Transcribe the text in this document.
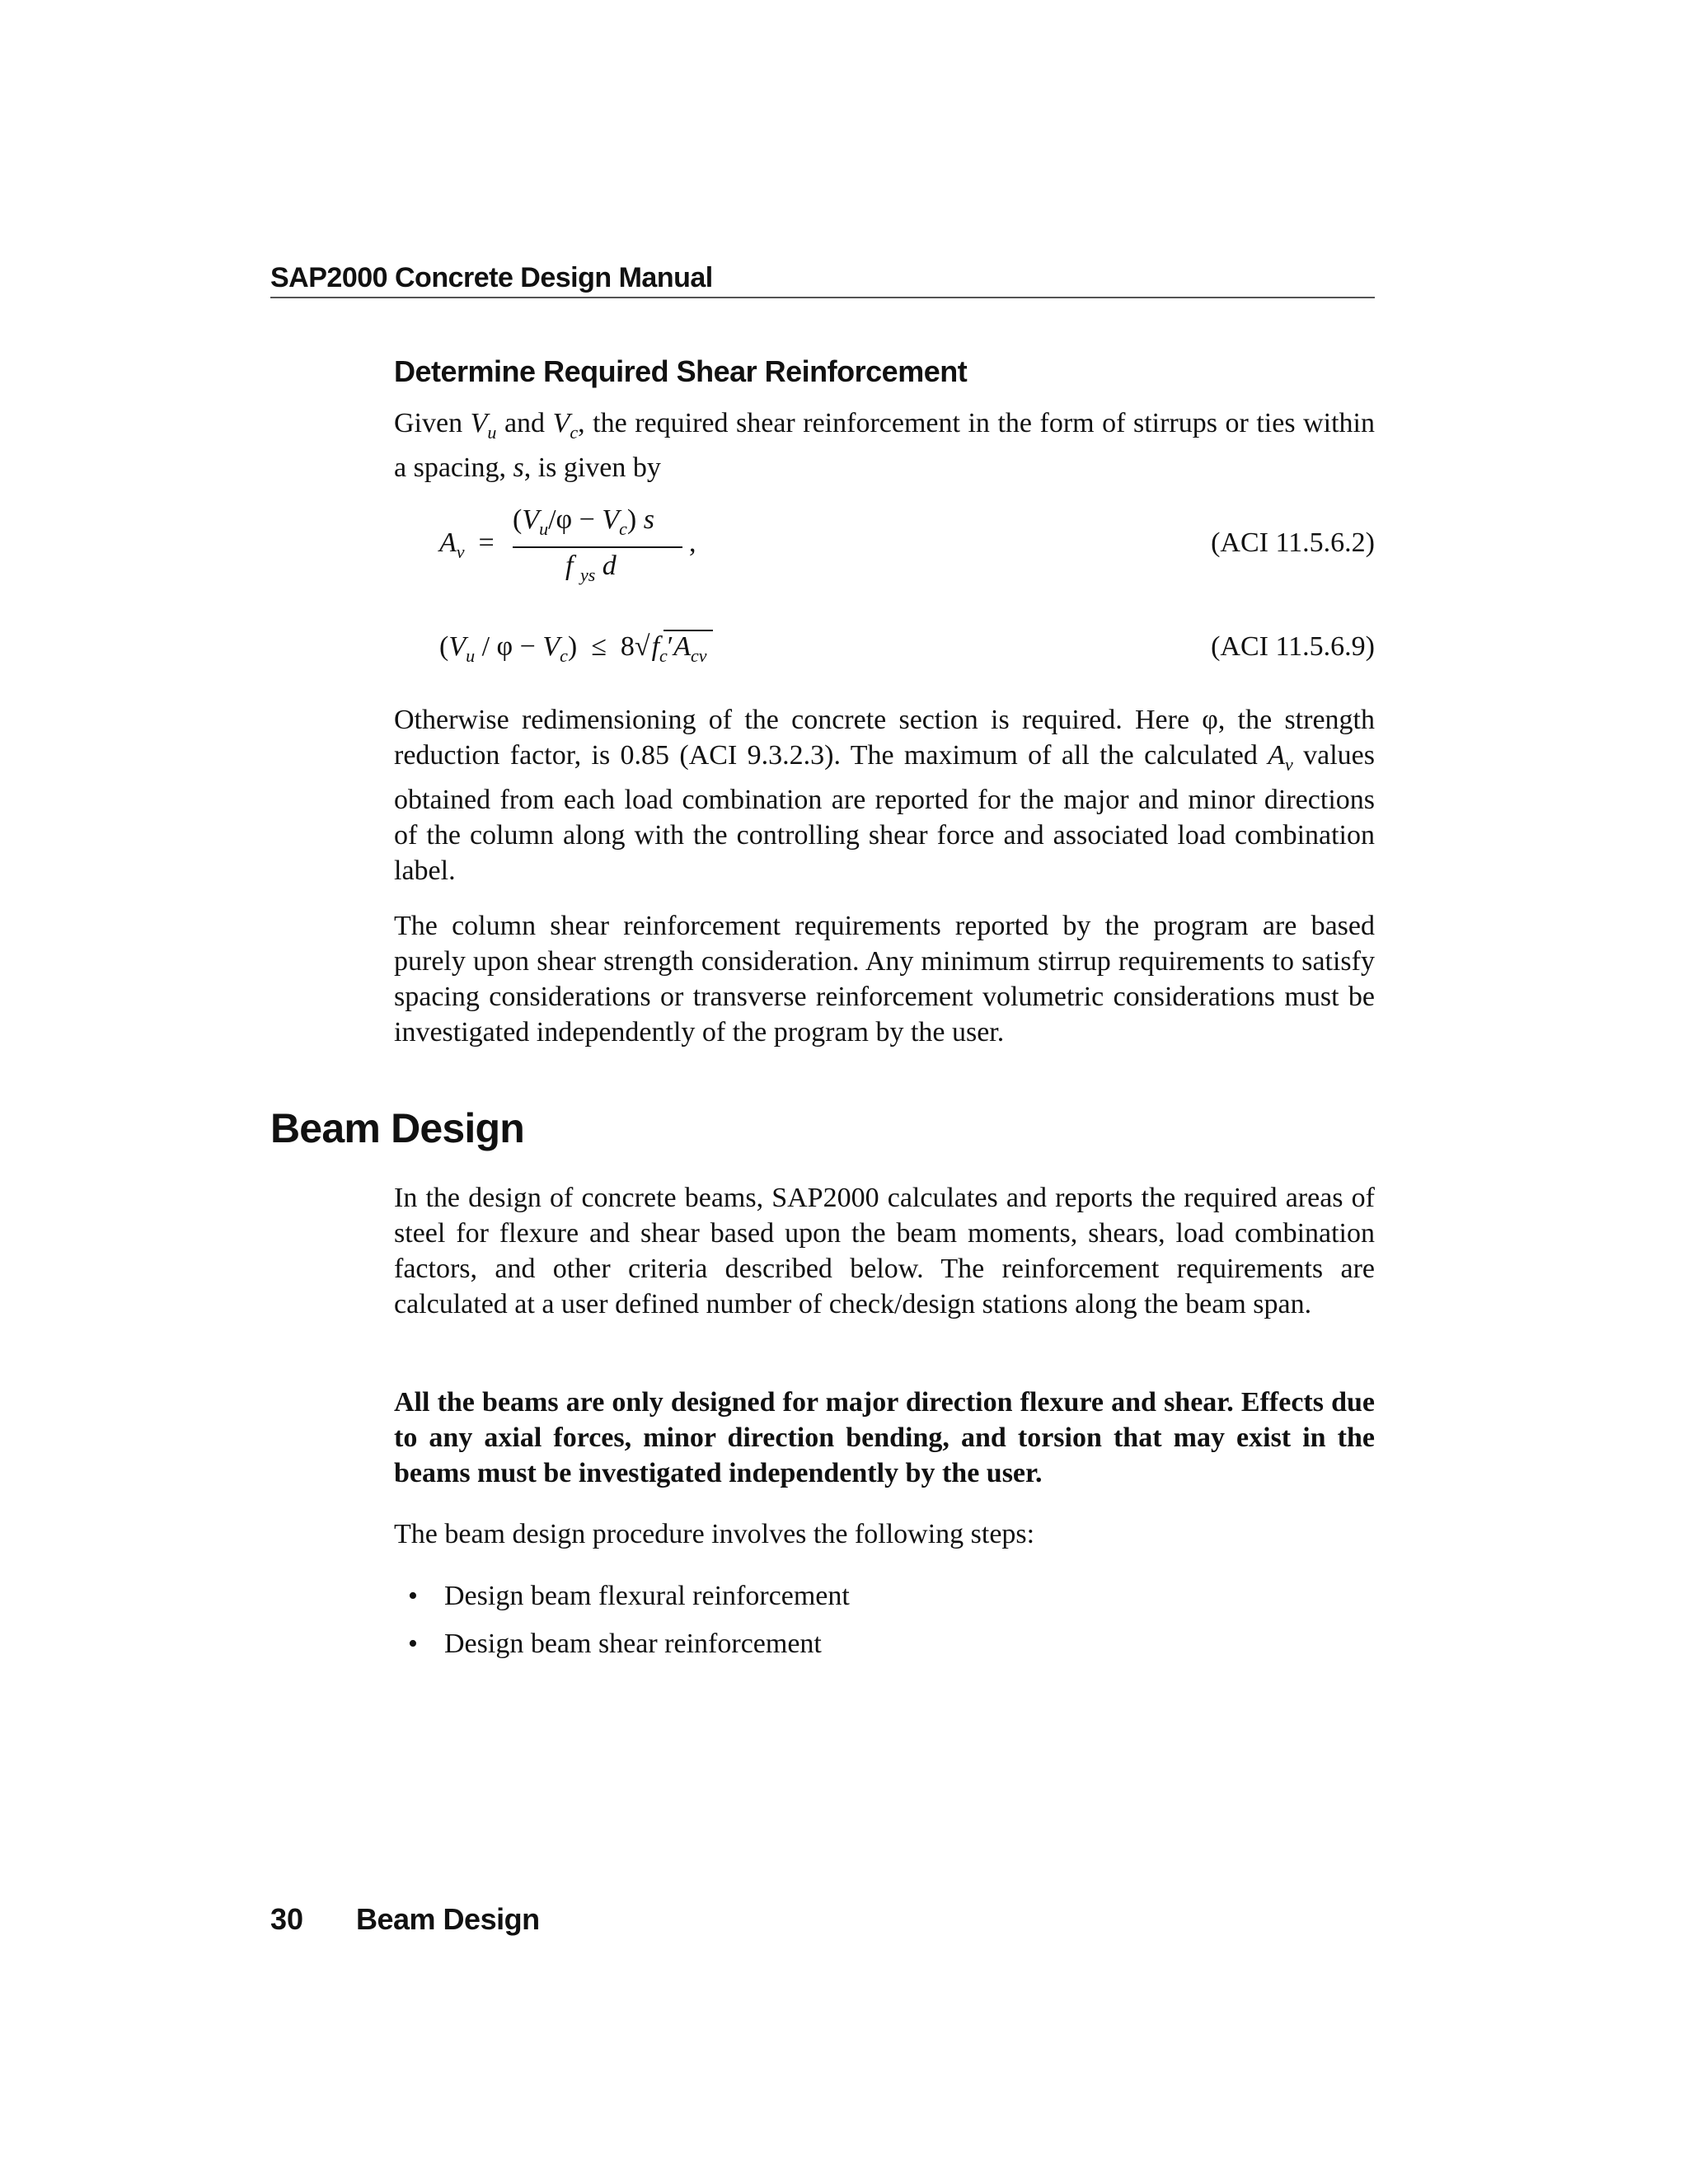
SAP2000 Concrete Design Manual
Determine Required Shear Reinforcement

Given $V_u$ and $V_c$, the required shear reinforcement in the form of stirrups or ties within a spacing, s, is given by

$A_v$  =
$(V_u/\varphi - V_c)$ s
f $_{ys}$ d
,	(ACI 11.5.6.2)
$(V_u / \varphi - V_c) \le 8√f_c'A_{cv}$	(ACI 11.5.6.9)

Otherwise redimensioning of the concrete section is required. Here φ, the strength reduction factor, is 0.85 (ACI 9.3.2.3). The maximum of all the calculated $A_v$ values obtained from each load combination are reported for the major and minor directions of the column along with the controlling shear force and associated load combination label.

The column shear reinforcement requirements reported by the program are based purely upon shear strength consideration. Any minimum stirrup requirements to satisfy spacing considerations or transverse reinforcement volumetric considerations must be investigated independently of the program by the user.

Beam Design

In the design of concrete beams, SAP2000 calculates and reports the required areas of steel for flexure and shear based upon the beam moments, shears, load combination factors, and other criteria described below. The reinforcement requirements are calculated at a user defined number of check/design stations along the beam span.

All the beams are only designed for major direction flexure and shear. Effects due to any axial forces, minor direction bending, and torsion that may exist in the beams must be investigated independently by the user.

The beam design procedure involves the following steps:

• Design beam flexural reinforcement
• Design beam shear reinforcement
30 Beam Design
